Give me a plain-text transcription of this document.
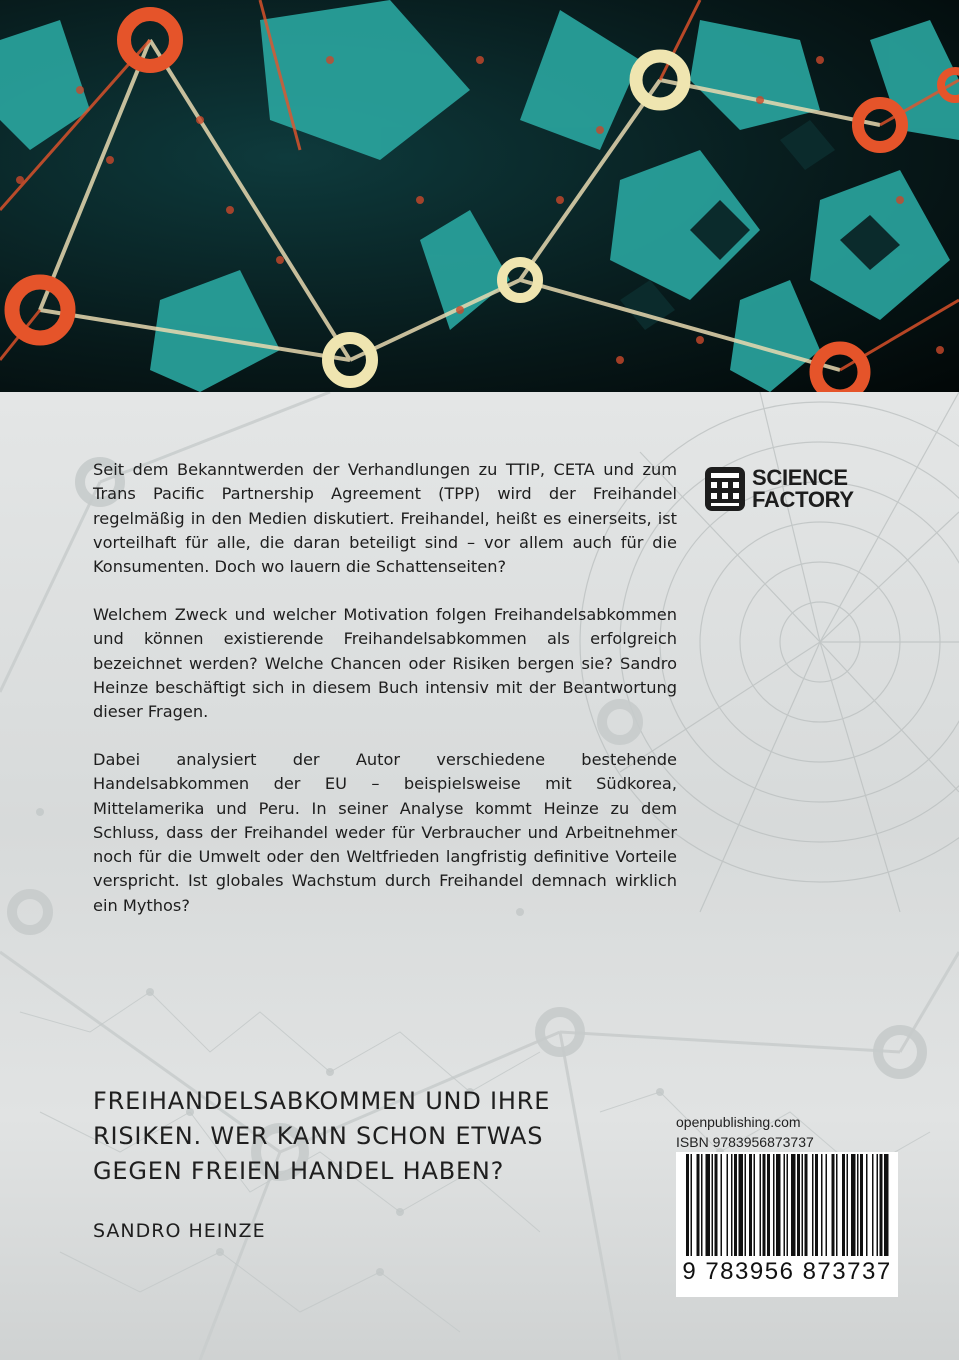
Seit dem Bekanntwerden der Verhandlungen zu TTIP, CETA und zum Trans Pacific Partnership Agreement (TPP) wird der Freihandel regelmäßig in den Medien diskutiert. Freihandel, heißt es einerseits, ist vorteilhaft für alle, die daran beteiligt sind – vor allem auch für die Konsumenten. Doch wo lauern die Schattenseiten?

Welchem Zweck und welcher Motivation folgen Freihandelsabkommen und können existierende Freihandelsabkommen als erfolgreich bezeichnet werden? Welche Chancen oder Risiken bergen sie? Sandro Heinze beschäftigt sich in diesem Buch intensiv mit der Beantwortung dieser Fragen.

Dabei analysiert der Autor verschiedene bestehende Handelsabkommen der EU – beispielsweise mit Südkorea, Mittelamerika und Peru. In seiner Analyse kommt Heinze zu dem Schluss, dass der Freihandel weder für Verbraucher und Arbeitnehmer noch für die Umwelt oder den Weltfrieden langfristig definitive Vorteile verspricht. Ist globales Wachstum durch Freihandel demnach wirklich ein Mythos?

SCIENCE
FACTORY
FREIHANDELSABKOMMEN UND IHRE RISIKEN. WER KANN SCHON ETWAS GEGEN FREIEN HANDEL HABEN?
SANDRO HEINZE
openpublishing.com
ISBN 9783956873737
9 783956 873737
